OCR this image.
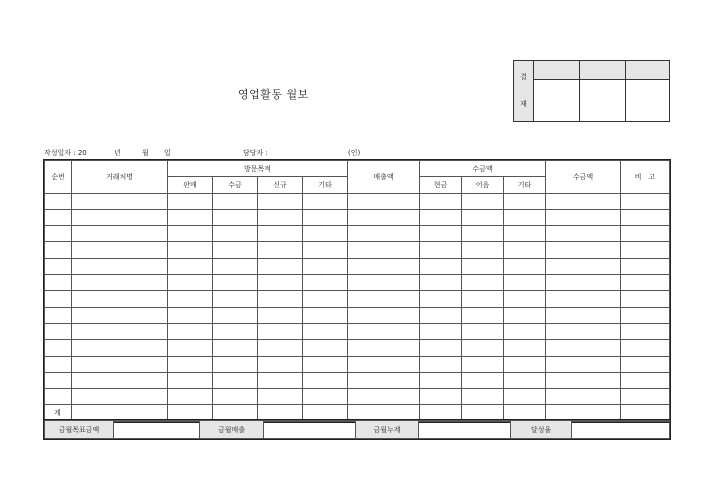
영업활동 월보
결
재			

작성일자 : 20	년	월 일	담당자 :	(인)
순번	거래처명	방문목적				매출액	수금액			수금액	비　고
		판매	수금	신규	기타		현금	어음	기타		

계											
금월목표금액		금월매출		금월누계		달성율	
